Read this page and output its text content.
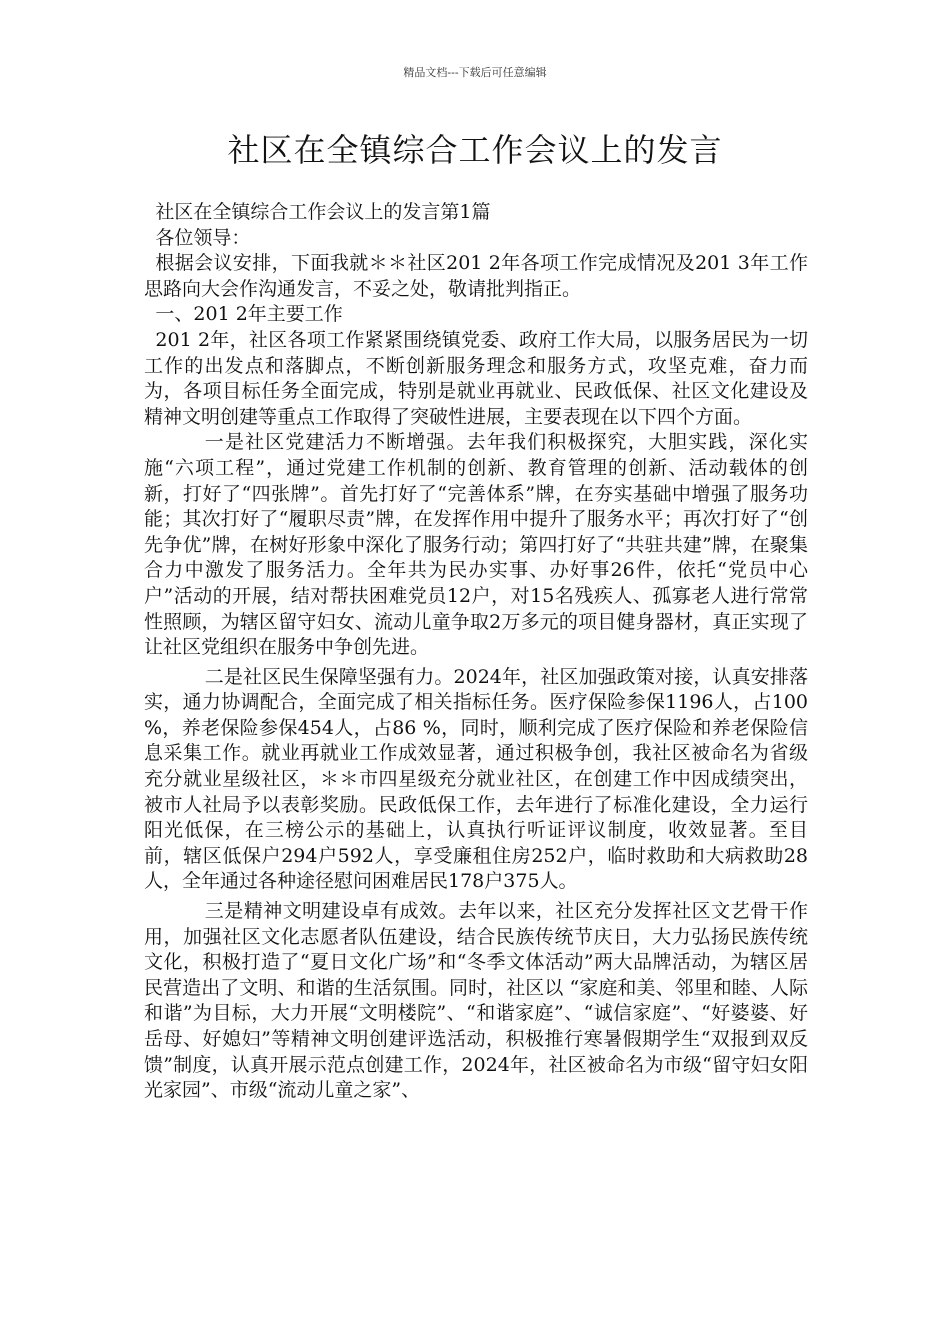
精品文档---下载后可任意编辑
社区在全镇综合工作会议上的发言

社区在全镇综合工作会议上的发言第1篇

各位领导：

根据会议安排，下面我就＊＊社区201 2年各项工作完成情况及201 3年工作思路向大会作沟通发言，不妥之处，敬请批判指正。

一、201 2年主要工作

201 2年，社区各项工作紧紧围绕镇党委、政府工作大局，以服务居民为一切工作的出发点和落脚点，不断创新服务理念和服务方式，攻坚克难，奋力而为，各项目标任务全面完成，特别是就业再就业、民政低保、社区文化建设及精神文明创建等重点工作取得了突破性进展，主要表现在以下四个方面。

一是社区党建活力不断增强。去年我们积极探究，大胆实践，深化实施“六项工程”，通过党建工作机制的创新、教育管理的创新、活动载体的创新，打好了“四张牌”。首先打好了“完善体系”牌，在夯实基础中增强了服务功能；其次打好了“履职尽责”牌，在发挥作用中提升了服务水平；再次打好了“创先争优”牌，在树好形象中深化了服务行动；第四打好了“共驻共建”牌，在聚集合力中激发了服务活力。全年共为民办实事、办好事26件，依托“党员中心户”活动的开展，结对帮扶困难党员12户，对15名残疾人、孤寡老人进行常常性照顾，为辖区留守妇女、流动儿童争取2万多元的项目健身器材，真正实现了让社区党组织在服务中争创先进。

二是社区民生保障坚强有力。2024年，社区加强政策对接，认真安排落实，通力协调配合，全面完成了相关指标任务。医疗保险参保1196人，占100 %，养老保险参保454人，占86 %，同时，顺利完成了医疗保险和养老保险信息采集工作。就业再就业工作成效显著，通过积极争创，我社区被命名为省级充分就业星级社区，＊＊市四星级充分就业社区，在创建工作中因成绩突出，被市人社局予以表彰奖励。民政低保工作，去年进行了标准化建设，全力运行阳光低保，在三榜公示的基础上，认真执行听证评议制度，收效显著。至目前，辖区低保户294户592人，享受廉租住房252户，临时救助和大病救助28人，全年通过各种途径慰问困难居民178户375人。

三是精神文明建设卓有成效。去年以来，社区充分发挥社区文艺骨干作用，加强社区文化志愿者队伍建设，结合民族传统节庆日，大力弘扬民族传统文化，积极打造了“夏日文化广场”和“冬季文体活动”两大品牌活动，为辖区居民营造出了文明、和谐的生活氛围。同时，社区以 “家庭和美、邻里和睦、人际和谐”为目标，大力开展“文明楼院”、“和谐家庭”、“诚信家庭”、“好婆婆、好岳母、好媳妇”等精神文明创建评选活动，积极推行寒暑假期学生“双报到双反馈”制度，认真开展示范点创建工作，2024年，社区被命名为市级“留守妇女阳光家园”、市级“流动儿童之家”、
